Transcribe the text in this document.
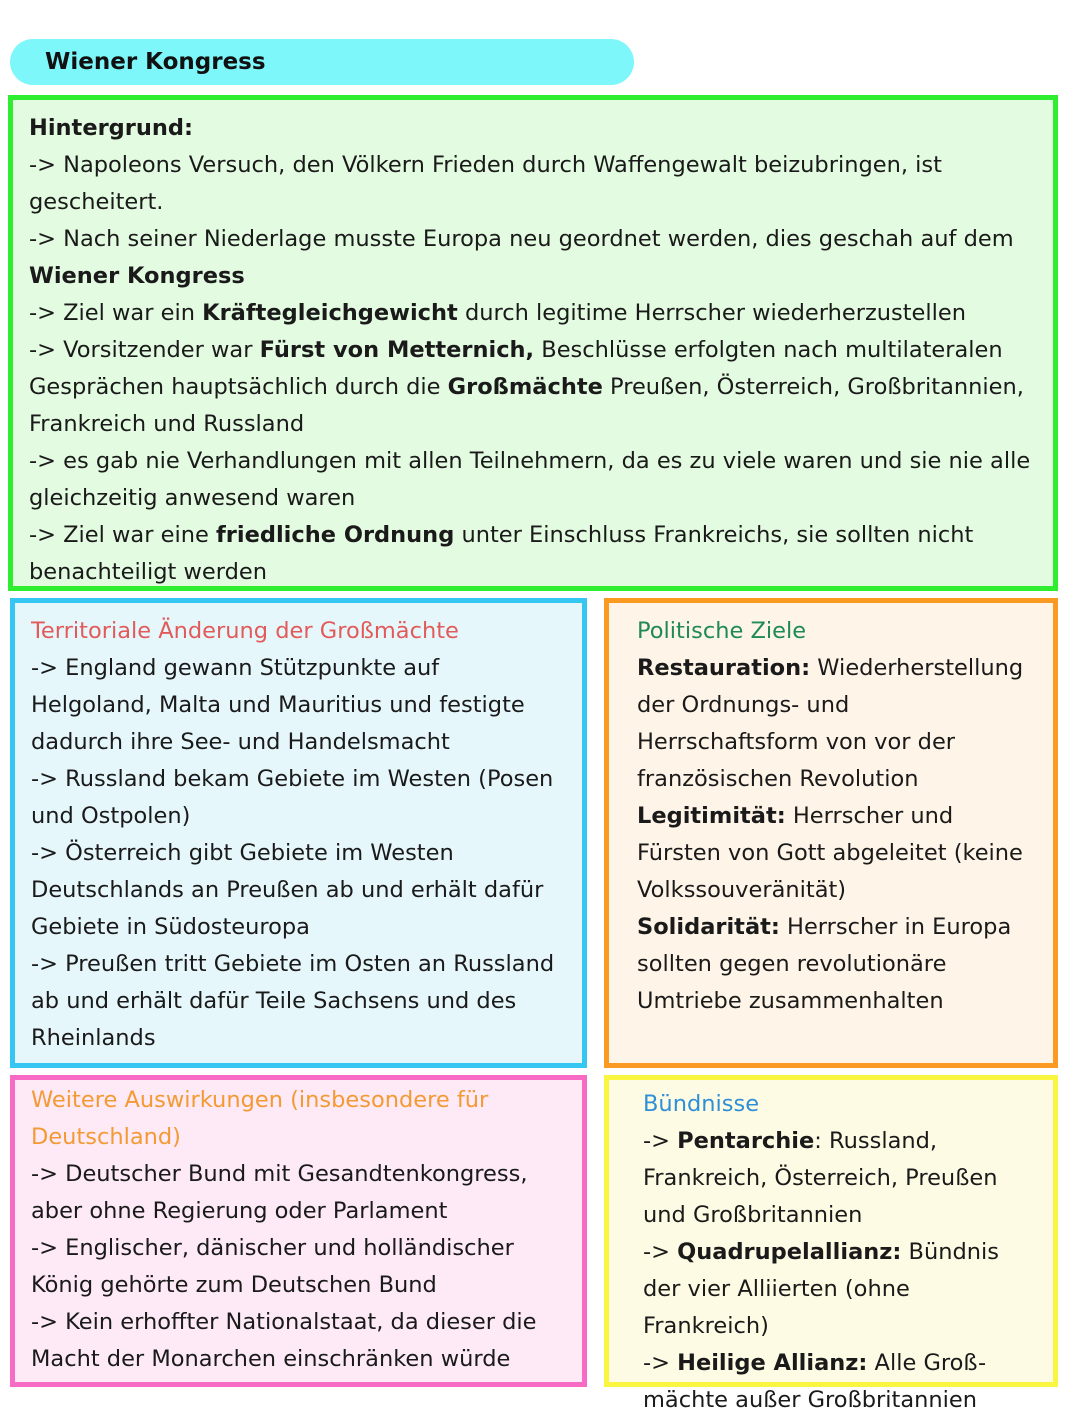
Wiener Kongress

Hintergrund:

-> Napoleons Versuch, den Völkern Frieden durch Waffengewalt beizubringen, ist gescheitert.

-> Nach seiner Niederlage musste Europa neu geordnet werden, dies geschah auf dem Wiener Kongress

-> Ziel war ein Kräftegleichgewicht durch legitime Herrscher wiederherzustellen

-> Vorsitzender war Fürst von Metternich, Beschlüsse erfolgten nach multilateralen Gesprächen hauptsächlich durch die Großmächte Preußen, Österreich, Großbritannien, Frankreich und Russland

-> es gab nie Verhandlungen mit allen Teilnehmern, da es zu viele waren und sie nie alle gleichzeitig anwesend waren

-> Ziel war eine friedliche Ordnung unter Einschluss Frankreichs, sie sollten nicht benachteiligt werden

Territoriale Änderung der Großmächte

-> England gewann Stützpunkte auf Helgoland, Malta und Mauritius und festigte dadurch ihre See- und Handelsmacht

-> Russland bekam Gebiete im Westen (Posen und Ostpolen)

-> Österreich gibt Gebiete im Westen Deutschlands an Preußen ab und erhält dafür Gebiete in Südosteuropa

-> Preußen tritt Gebiete im Osten an Russland ab und erhält dafür Teile Sachsens und des Rheinlands

Politische Ziele

Restauration: Wiederherstellung der Ordnungs- und Herrschaftsform von vor der französischen Revolution

Legitimität: Herrscher und Fürsten von Gott abgeleitet (keine Volkssouveränität)

Solidarität: Herrscher in Europa sollten gegen revolutionäre Umtriebe zusammenhalten

Weitere Auswirkungen (insbesondere für Deutschland)

-> Deutscher Bund mit Gesandtenkongress, aber ohne Regierung oder Parlament

-> Englischer, dänischer und holländischer König gehörte zum Deutschen Bund

-> Kein erhoffter Nationalstaat, da dieser die Macht der Monarchen einschränken würde

Bündnisse

-> Pentarchie: Russland, Frankreich, Österreich, Preußen und Großbritannien

-> Quadrupelallianz: Bündnis der vier Alliierten (ohne Frankreich)

-> Heilige Allianz: Alle Groß- mächte außer Großbritannien
